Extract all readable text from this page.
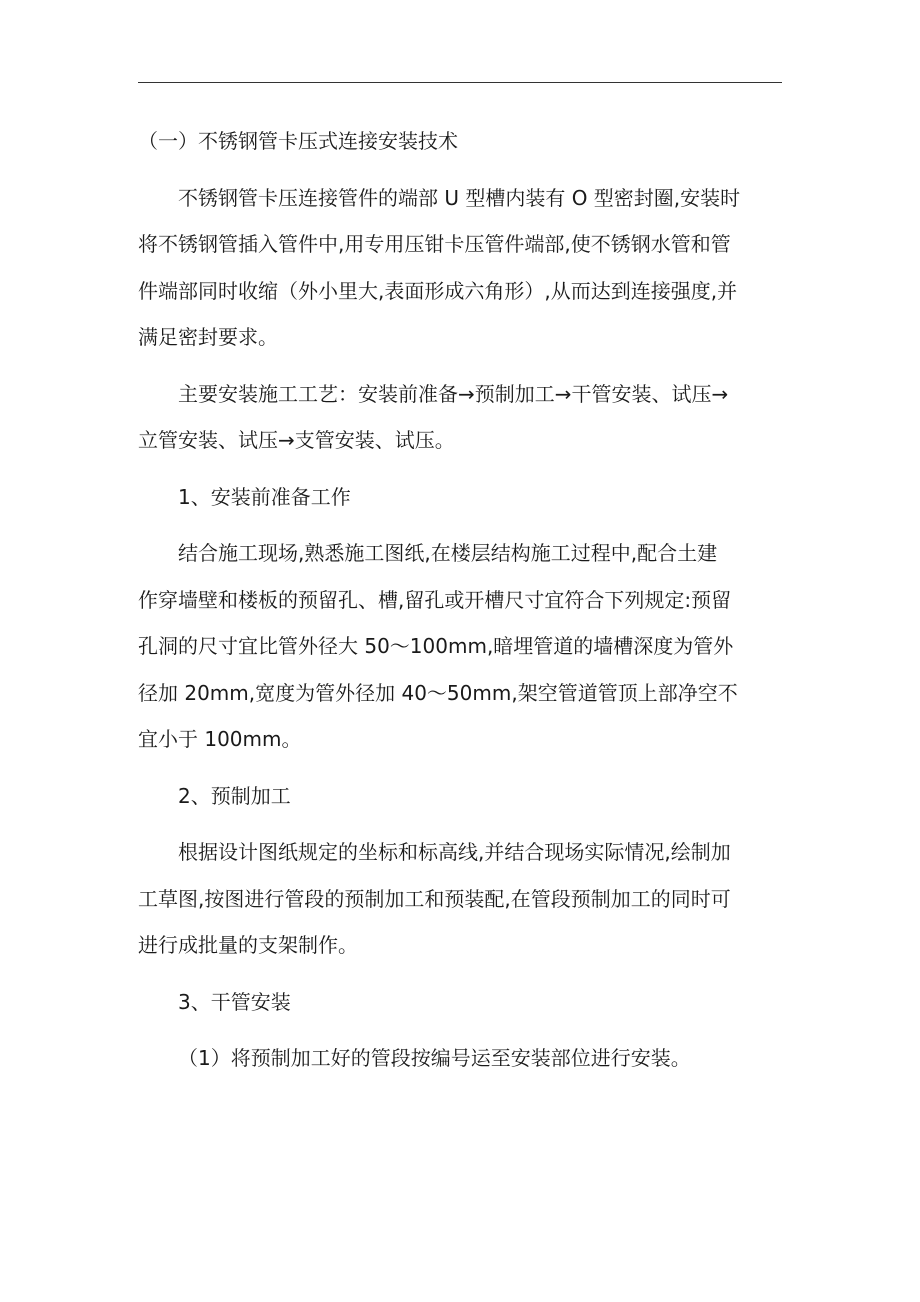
（一）不锈钢管卡压式连接安装技术
不锈钢管卡压连接管件的端部 U 型槽内装有 O 型密封圈,安装时
将不锈钢管插入管件中,用专用压钳卡压管件端部,使不锈钢水管和管
件端部同时收缩（外小里大,表面形成六角形）,从而达到连接强度,并
满足密封要求。
主要安装施工工艺：安装前准备→预制加工→干管安装、试压→
立管安装、试压→支管安装、试压。
1、安装前准备工作
结合施工现场,熟悉施工图纸,在楼层结构施工过程中,配合土建
作穿墙壁和楼板的预留孔、槽,留孔或开槽尺寸宜符合下列规定:预留
孔洞的尺寸宜比管外径大 50～100mm,暗埋管道的墙槽深度为管外
径加 20mm,宽度为管外径加 40～50mm,架空管道管顶上部净空不
宜小于 100mm。
2、预制加工
根据设计图纸规定的坐标和标高线,并结合现场实际情况,绘制加
工草图,按图进行管段的预制加工和预装配,在管段预制加工的同时可
进行成批量的支架制作。
3、干管安装
（1）将预制加工好的管段按编号运至安装部位进行安装。
